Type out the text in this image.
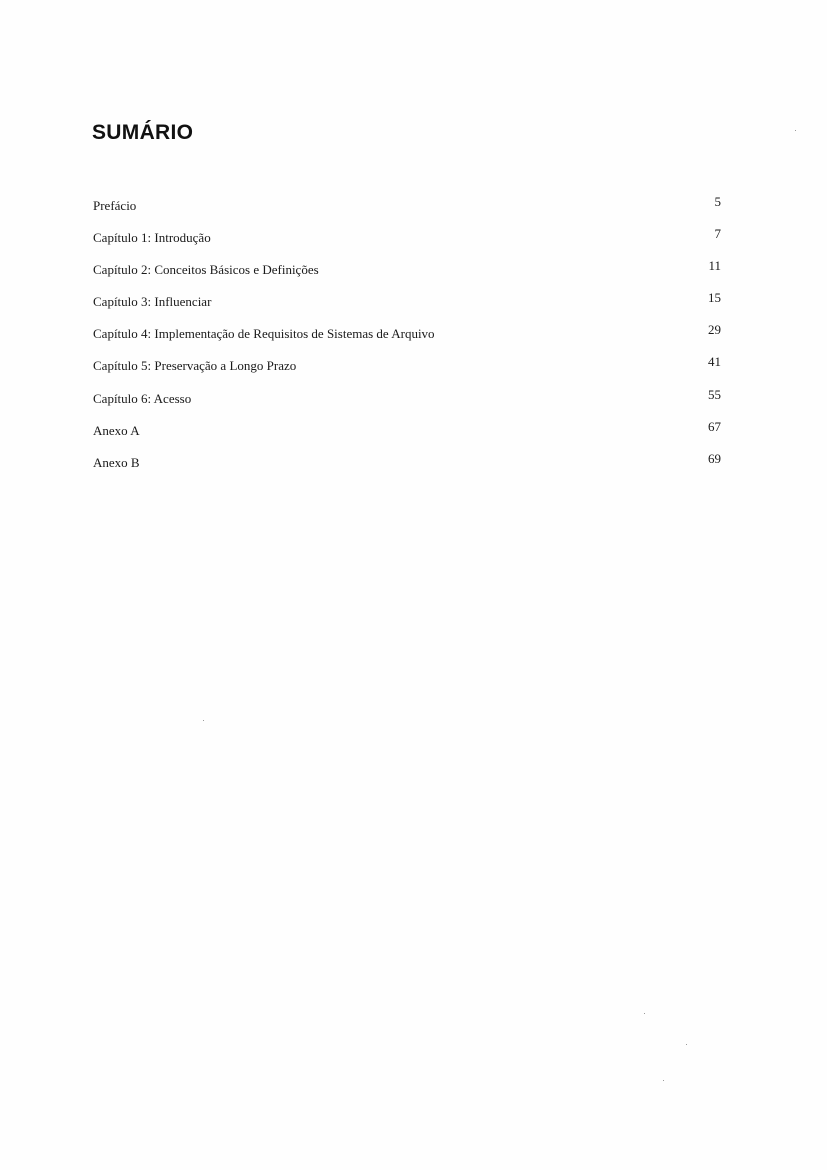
SUMÁRIO
Prefácio	5
Capítulo 1: Introdução	7
Capítulo 2: Conceitos Básicos e Definições	11
Capítulo 3: Influenciar	15
Capítulo 4: Implementação de Requisitos de Sistemas de Arquivo	29
Capítulo 5: Preservação a Longo Prazo	41
Capítulo 6: Acesso	55
Anexo A	67
Anexo B	69
